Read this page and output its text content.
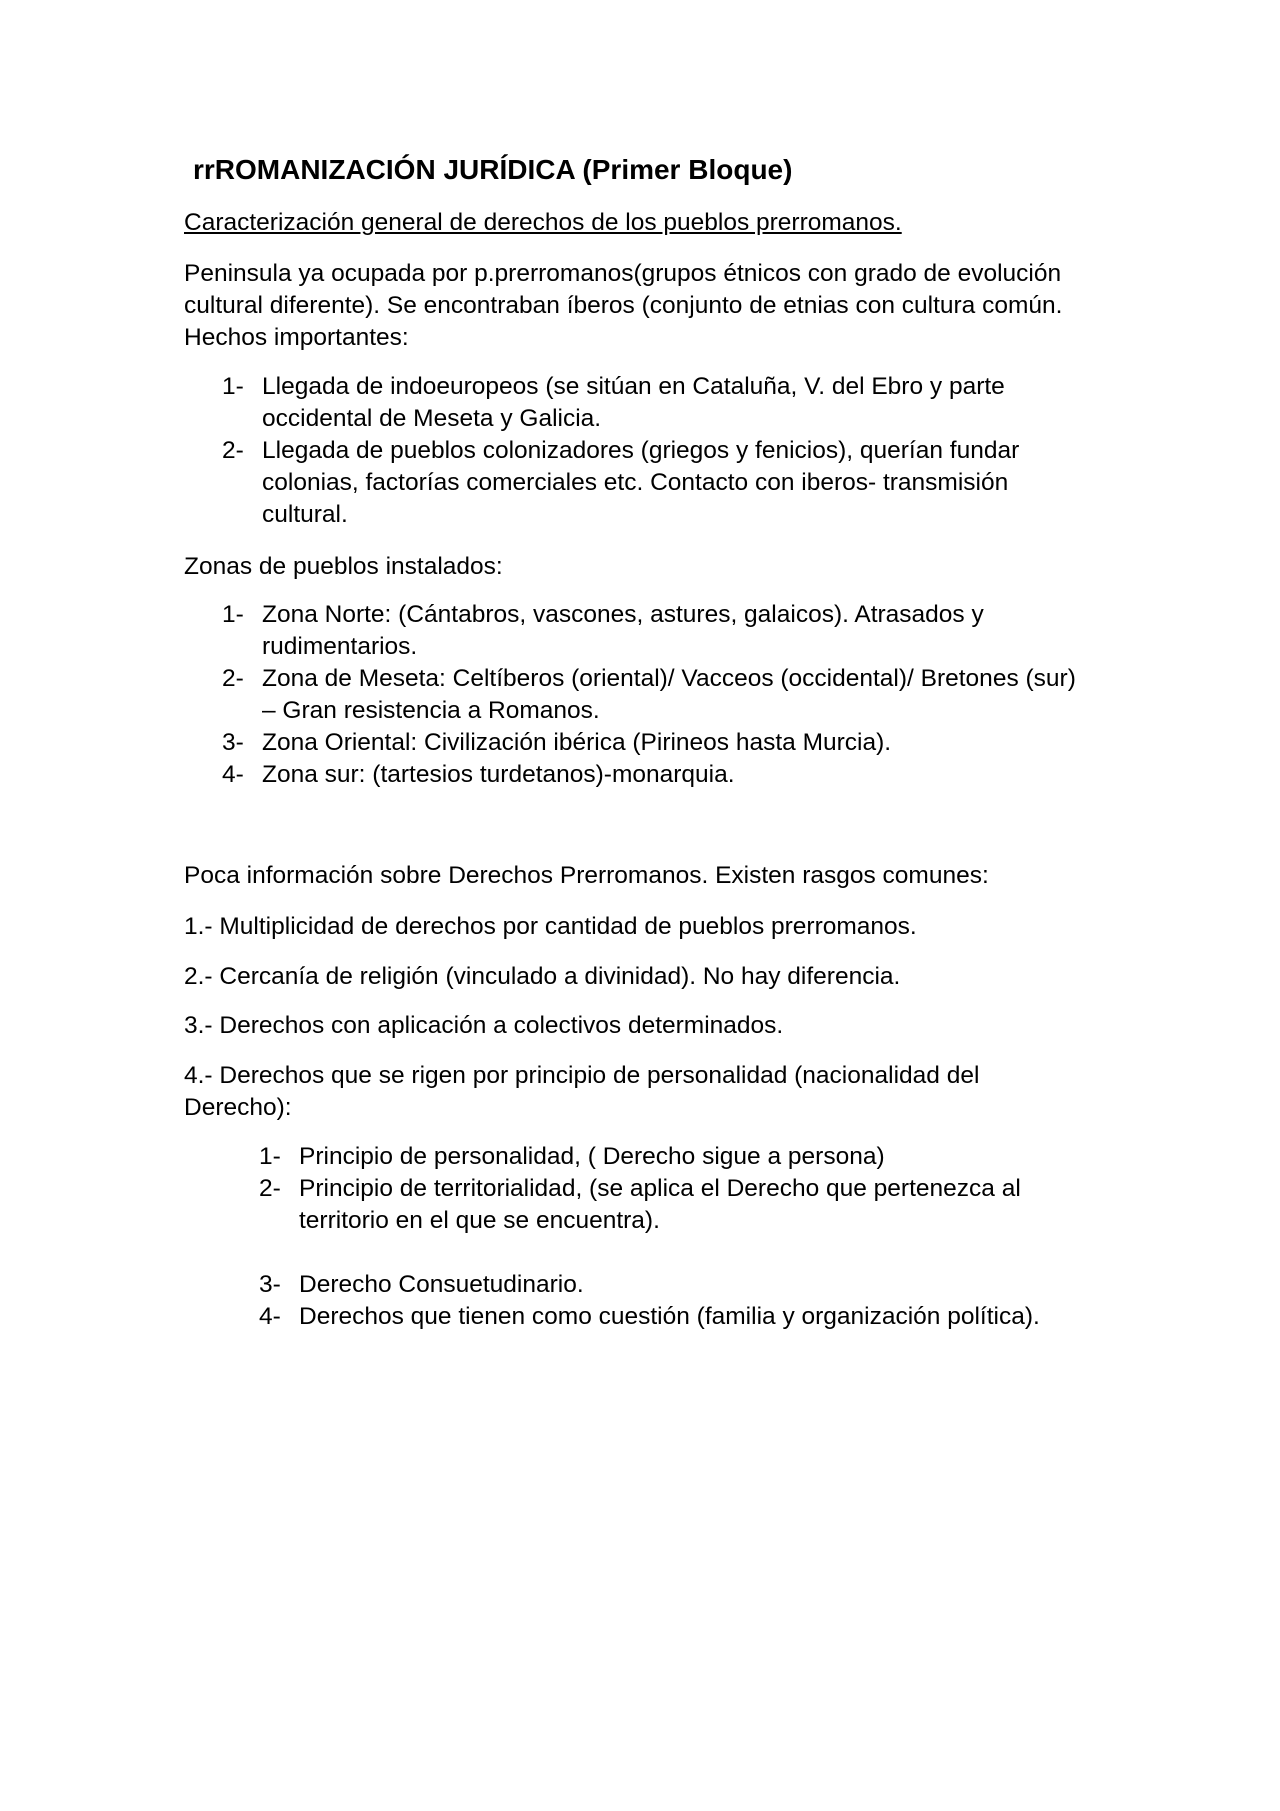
rrROMANIZACIÓN JURÍDICA (Primer Bloque)
Caracterización general de derechos de los pueblos prerromanos.
Peninsula ya ocupada por p.prerromanos(grupos étnicos con grado de evolución cultural diferente). Se encontraban íberos (conjunto de etnias con cultura común. Hechos importantes:
1- Llegada de indoeuropeos (se sitúan en Cataluña, V. del Ebro y parte occidental de Meseta y Galicia.
2- Llegada de pueblos colonizadores (griegos y fenicios), querían fundar colonias, factorías comerciales etc. Contacto con iberos- transmisión cultural.
Zonas de pueblos instalados:
1- Zona Norte: (Cántabros, vascones, astures, galaicos). Atrasados y rudimentarios.
2- Zona de Meseta: Celtíberos (oriental)/ Vacceos (occidental)/ Bretones (sur) – Gran resistencia a Romanos.
3- Zona Oriental: Civilización ibérica (Pirineos hasta Murcia).
4- Zona sur: (tartesios turdetanos)-monarquia.
Poca información sobre Derechos Prerromanos. Existen rasgos comunes:
1.- Multiplicidad de derechos por cantidad de pueblos prerromanos.
2.- Cercanía de religión (vinculado a divinidad). No hay diferencia.
3.- Derechos con aplicación a colectivos determinados.
4.- Derechos que se rigen por principio de personalidad (nacionalidad del Derecho):
1- Principio de personalidad, ( Derecho sigue a persona)
2- Principio de territorialidad, (se aplica el Derecho que pertenezca al territorio en el que se encuentra).
3- Derecho Consuetudinario.
4- Derechos que tienen como cuestión (familia y organización política).
